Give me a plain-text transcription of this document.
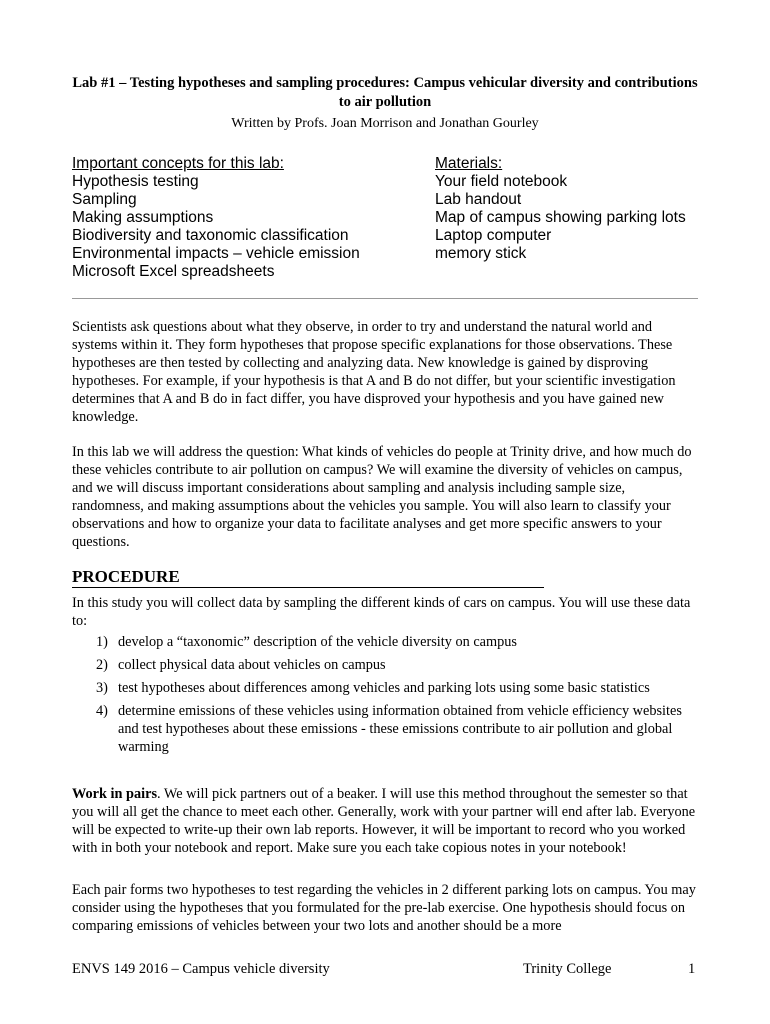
Lab #1 – Testing hypotheses and sampling procedures: Campus vehicular diversity and contributions to air pollution
Written by Profs. Joan Morrison and Jonathan Gourley
Important concepts for this lab:
Hypothesis testing
Sampling
Making assumptions
Biodiversity and taxonomic classification
Environmental impacts – vehicle emission
Microsoft Excel spreadsheets
Materials:
Your field notebook
Lab handout
Map of campus showing parking lots
Laptop computer
memory stick

Scientists ask questions about what they observe, in order to try and understand the natural world and systems within it. They form hypotheses that propose specific explanations for those observations. These hypotheses are then tested by collecting and analyzing data. New knowledge is gained by disproving hypotheses. For example, if your hypothesis is that A and B do not differ, but your scientific investigation determines that A and B do in fact differ, you have disproved your hypothesis and you have gained new knowledge.

In this lab we will address the question: What kinds of vehicles do people at Trinity drive, and how much do these vehicles contribute to air pollution on campus? We will examine the diversity of vehicles on campus, and we will discuss important considerations about sampling and analysis including sample size, randomness, and making assumptions about the vehicles you sample. You will also learn to classify your observations and how to organize your data to facilitate analyses and get more specific answers to your questions.

PROCEDURE

In this study you will collect data by sampling the different kinds of cars on campus. You will use these data to:

1) develop a “taxonomic” description of the vehicle diversity on campus
2) collect physical data about vehicles on campus
3) test hypotheses about differences among vehicles and parking lots using some basic statistics
4) determine emissions of these vehicles using information obtained from vehicle efficiency websites and test hypotheses about these emissions - these emissions contribute to air pollution and global warming

Work in pairs. We will pick partners out of a beaker. I will use this method throughout the semester so that you will all get the chance to meet each other. Generally, work with your partner will end after lab. Everyone will be expected to write-up their own lab reports. However, it will be important to record who you worked with in both your notebook and report. Make sure you each take copious notes in your notebook!

Each pair forms two hypotheses to test regarding the vehicles in 2 different parking lots on campus. You may consider using the hypotheses that you formulated for the pre-lab exercise. One hypothesis should focus on comparing emissions of vehicles between your two lots and another should be a more

ENVS 149 2016 – Campus vehicle diversity	Trinity College	1
